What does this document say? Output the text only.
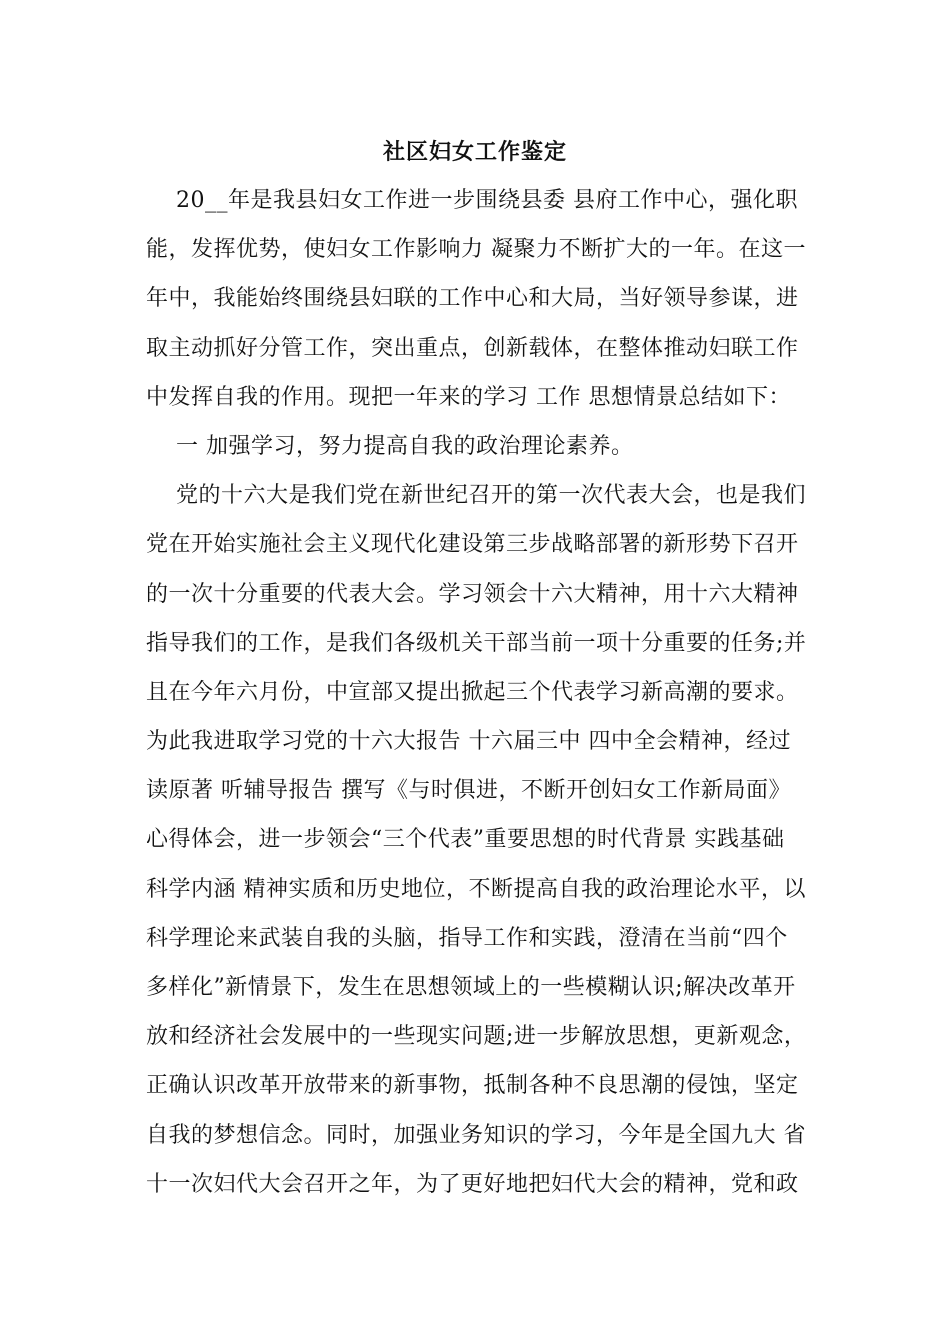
社区妇女工作鉴定
20__年是我县妇女工作进一步围绕县委 县府工作中心，强化职
能，发挥优势，使妇女工作影响力 凝聚力不断扩大的一年。在这一
年中，我能始终围绕县妇联的工作中心和大局，当好领导参谋，进
取主动抓好分管工作，突出重点，创新载体，在整体推动妇联工作
中发挥自我的作用。现把一年来的学习 工作 思想情景总结如下：
一 加强学习，努力提高自我的政治理论素养。
党的十六大是我们党在新世纪召开的第一次代表大会，也是我们
党在开始实施社会主义现代化建设第三步战略部署的新形势下召开
的一次十分重要的代表大会。学习领会十六大精神，用十六大精神
指导我们的工作，是我们各级机关干部当前一项十分重要的任务;并
且在今年六月份，中宣部又提出掀起三个代表学习新高潮的要求。
为此我进取学习党的十六大报告 十六届三中 四中全会精神，经过
读原著 听辅导报告 撰写《与时俱进，不断开创妇女工作新局面》
心得体会，进一步领会“三个代表”重要思想的时代背景 实践基础
科学内涵 精神实质和历史地位，不断提高自我的政治理论水平，以
科学理论来武装自我的头脑，指导工作和实践，澄清在当前“四个
多样化”新情景下，发生在思想领域上的一些模糊认识;解决改革开
放和经济社会发展中的一些现实问题;进一步解放思想，更新观念，
正确认识改革开放带来的新事物，抵制各种不良思潮的侵蚀，坚定
自我的梦想信念。同时，加强业务知识的学习，今年是全国九大 省
十一次妇代大会召开之年，为了更好地把妇代大会的精神，党和政
